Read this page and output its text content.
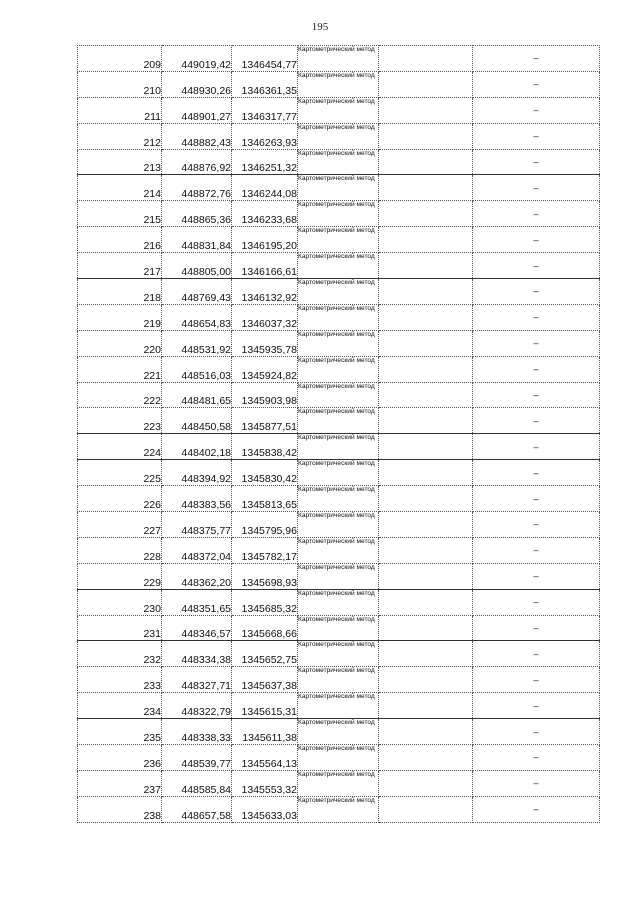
195
209	449019,42	1346454,77	Картометрический метод		–
210	448930,26	1346361,35	Картометрический метод		–
211	448901,27	1346317,77	Картометрический метод		–
212	448882,43	1346263,93	Картометрический метод		–
213	448876,92	1346251,32	Картометрический метод		–
214	448872,76	1346244,08	Картометрический метод		–
215	448865,36	1346233,68	Картометрический метод		–
216	448831,84	1346195,20	Картометрический метод		–
217	448805,00	1346166,61	Картометрический метод		–
218	448769,43	1346132,92	Картометрический метод		–
219	448654,83	1346037,32	Картометрический метод		–
220	448531,92	1345935,78	Картометрический метод		–
221	448516,03	1345924,82	Картометрический метод		–
222	448481,65	1345903,98	Картометрический метод		–
223	448450,58	1345877,51	Картометрический метод		–
224	448402,18	1345838,42	Картометрический метод		–
225	448394,92	1345830,42	Картометрический метод		–
226	448383,56	1345813,65	Картометрический метод		–
227	448375,77	1345795,96	Картометрический метод		–
228	448372,04	1345782,17	Картометрический метод		–
229	448362,20	1345698,93	Картометрический метод		–
230	448351,65	1345685,32	Картометрический метод		–
231	448346,57	1345668,66	Картометрический метод		–
232	448334,38	1345652,75	Картометрический метод		–
233	448327,71	1345637,38	Картометрический метод		–
234	448322,79	1345615,31	Картометрический метод		–
235	448338,33	1345611,38	Картометрический метод		–
236	448539,77	1345564,13	Картометрический метод		–
237	448585,84	1345553,32	Картометрический метод		–
238	448657,58	1345633,03	Картометрический метод		–
